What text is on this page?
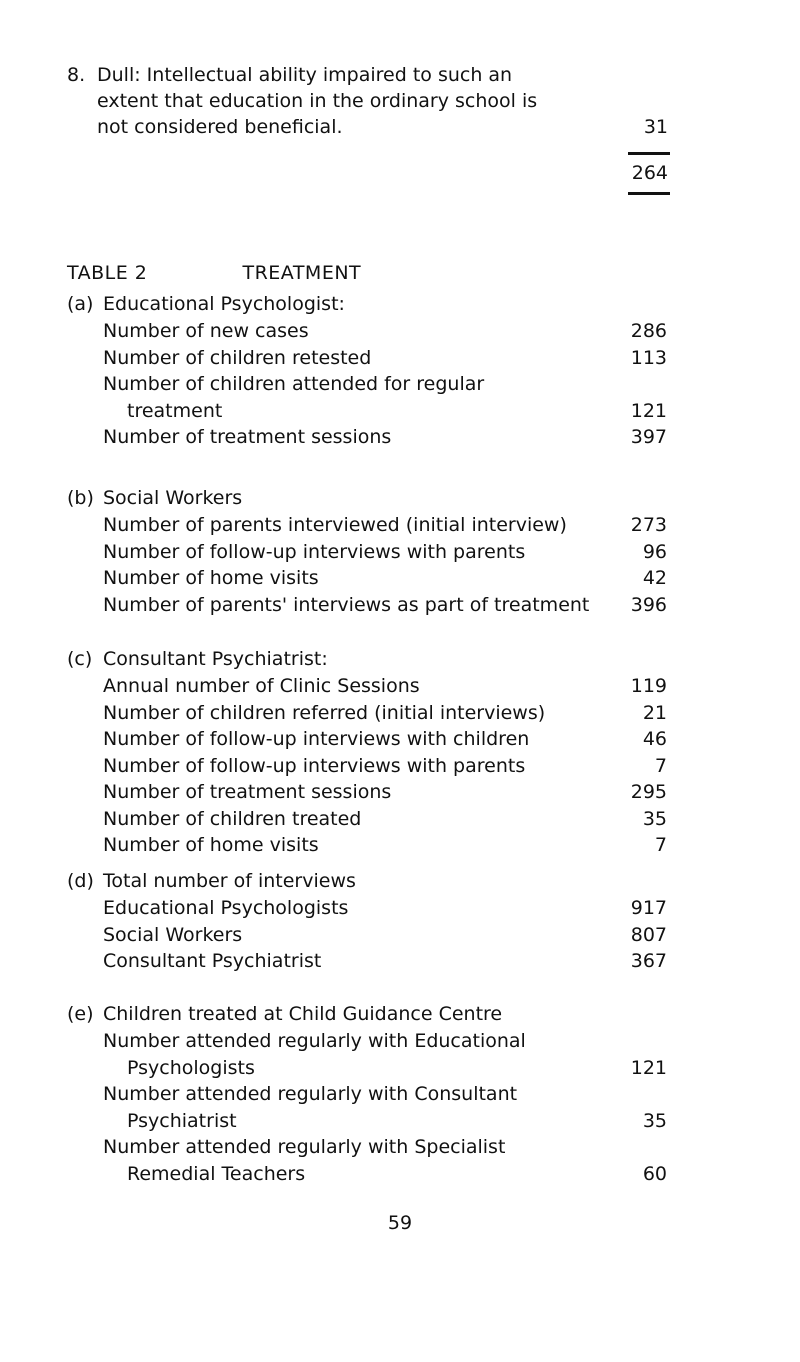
8. Dull: Intellectual ability impaired to such an
extent that education in the ordinary school is
not considered beneficial.	31
264
TABLE 2	TREATMENT
(a) Educational Psychologist:
Number of new cases	286
Number of children retested	113
Number of children attended for regular
treatment	121
Number of treatment sessions	397
(b) Social Workers
Number of parents interviewed (initial interview)	273
Number of follow-up interviews with parents	96
Number of home visits	42
Number of parents' interviews as part of treatment	396
(c) Consultant Psychiatrist:
Annual number of Clinic Sessions	119
Number of children referred (initial interviews)	21
Number of follow-up interviews with children	46
Number of follow-up interviews with parents	7
Number of treatment sessions	295
Number of children treated	35
Number of home visits	7
(d) Total number of interviews
Educational Psychologists	917
Social Workers	807
Consultant Psychiatrist	367
(e) Children treated at Child Guidance Centre
Number attended regularly with Educational
Psychologists	121
Number attended regularly with Consultant
Psychiatrist	35
Number attended regularly with Specialist
Remedial Teachers	60
59
